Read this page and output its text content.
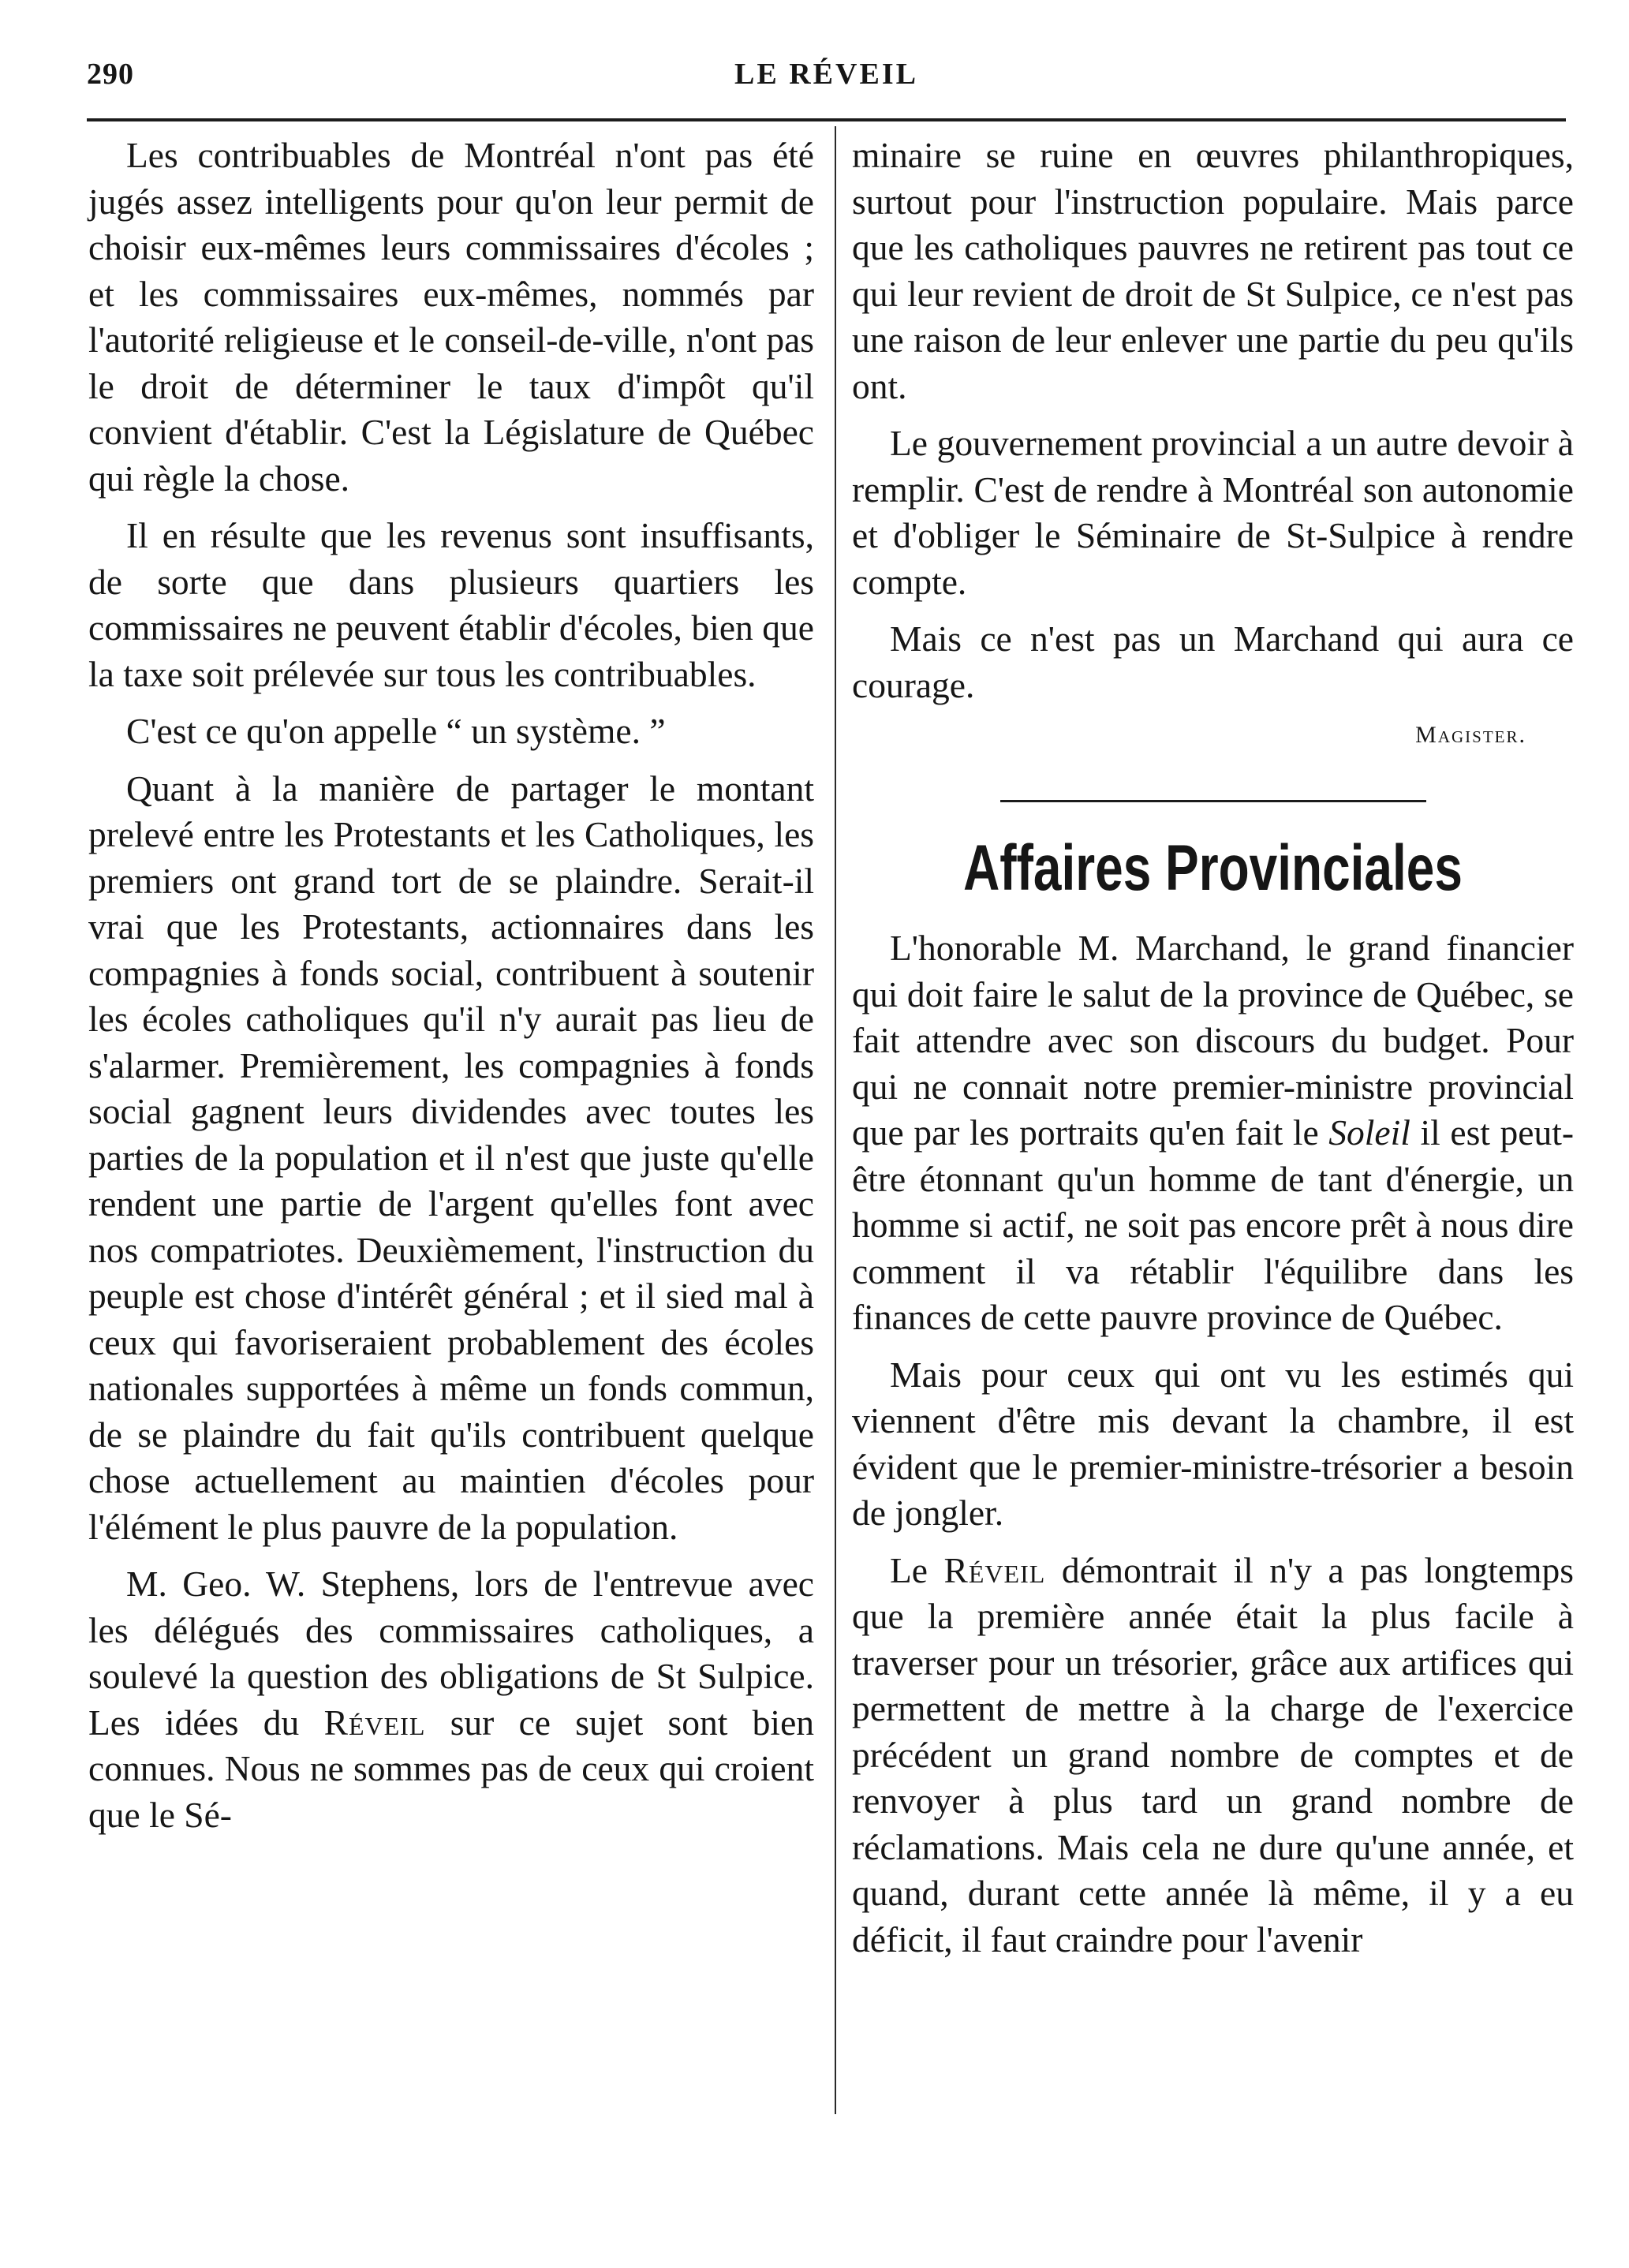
290	LE RÉVEIL

Les contribuables de Montréal n'ont pas été jugés assez intelligents pour qu'on leur permit de choisir eux-mêmes leurs commissaires d'écoles ; et les commissaires eux-mêmes, nommés par l'autorité religieuse et le conseil-de-ville, n'ont pas le droit de déterminer le taux d'impôt qu'il convient d'établir. C'est la Législature de Québec qui règle la chose.

Il en résulte que les revenus sont insuffisants, de sorte que dans plusieurs quartiers les commissaires ne peuvent établir d'écoles, bien que la taxe soit prélevée sur tous les contribuables.

C'est ce qu'on appelle “ un système. ”

Quant à la manière de partager le montant prelevé entre les Protestants et les Catholiques, les premiers ont grand tort de se plaindre. Serait-il vrai que les Protestants, actionnaires dans les compagnies à fonds social, contribuent à soutenir les écoles catholiques qu'il n'y aurait pas lieu de s'alarmer. Premièrement, les compagnies à fonds social gagnent leurs dividendes avec toutes les parties de la population et il n'est que juste qu'elle rendent une partie de l'argent qu'elles font avec nos compatriotes. Deuxièmement, l'instruction du peuple est chose d'intérêt général ; et il sied mal à ceux qui favoriseraient probablement des écoles nationales supportées à même un fonds commun, de se plaindre du fait qu'ils contribuent quelque chose actuellement au maintien d'écoles pour l'élément le plus pauvre de la population.

M. Geo. W. Stephens, lors de l'entrevue avec les délégués des commissaires catholiques, a soulevé la question des obligations de St Sulpice. Les idées du Réveil sur ce sujet sont bien connues. Nous ne sommes pas de ceux qui croient que le Sé-

minaire se ruine en œuvres philanthropiques, surtout pour l'instruction populaire. Mais parce que les catholiques pauvres ne retirent pas tout ce qui leur revient de droit de St Sulpice, ce n'est pas une raison de leur enlever une partie du peu qu'ils ont.

Le gouvernement provincial a un autre devoir à remplir. C'est de rendre à Montréal son autonomie et d'obliger le Séminaire de St-Sulpice à rendre compte.

Mais ce n'est pas un Marchand qui aura ce courage.

Magister.
Affaires Provinciales

L'honorable M. Marchand, le grand financier qui doit faire le salut de la province de Québec, se fait attendre avec son discours du budget. Pour qui ne connait notre premier-ministre provincial que par les portraits qu'en fait le Soleil il est peut-être étonnant qu'un homme de tant d'énergie, un homme si actif, ne soit pas encore prêt à nous dire comment il va rétablir l'équilibre dans les finances de cette pauvre province de Québec.

Mais pour ceux qui ont vu les estimés qui viennent d'être mis devant la chambre, il est évident que le premier-ministre-trésorier a besoin de jongler.

Le Réveil démontrait il n'y a pas longtemps que la première année était la plus facile à traverser pour un trésorier, grâce aux artifices qui permettent de mettre à la charge de l'exercice précédent un grand nombre de comptes et de renvoyer à plus tard un grand nombre de réclamations. Mais cela ne dure qu'une année, et quand, durant cette année là même, il y a eu déficit, il faut craindre pour l'avenir
